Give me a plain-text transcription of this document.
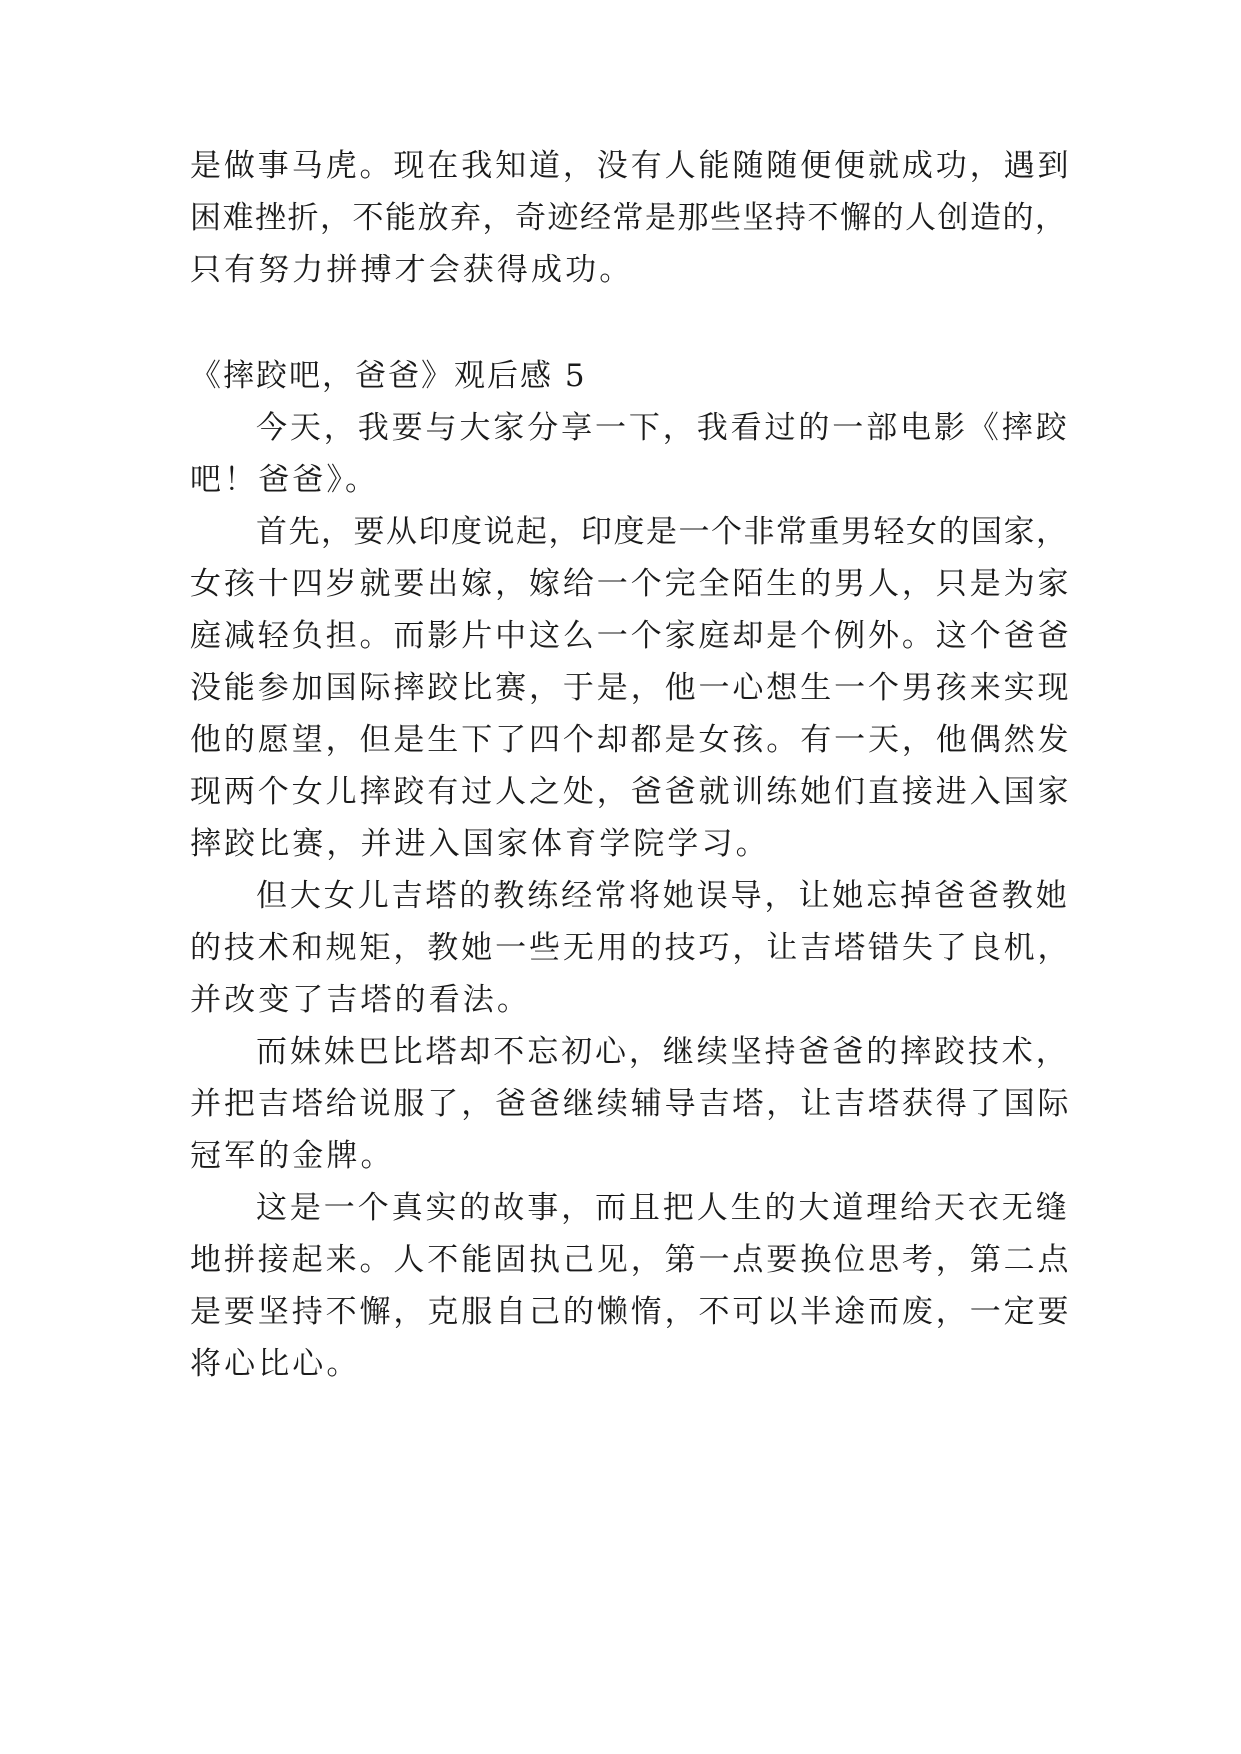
是做事马虎。现在我知道，没有人能随随便便就成功，遇到
困难挫折，不能放弃，奇迹经常是那些坚持不懈的人创造的，
只有努力拼搏才会获得成功。
《摔跤吧，爸爸》观后感 5
今天，我要与大家分享一下，我看过的一部电影《摔跤
吧！爸爸》。
首先，要从印度说起，印度是一个非常重男轻女的国家，
女孩十四岁就要出嫁，嫁给一个完全陌生的男人，只是为家
庭减轻负担。而影片中这么一个家庭却是个例外。这个爸爸
没能参加国际摔跤比赛，于是，他一心想生一个男孩来实现
他的愿望，但是生下了四个却都是女孩。有一天，他偶然发
现两个女儿摔跤有过人之处，爸爸就训练她们直接进入国家
摔跤比赛，并进入国家体育学院学习。
但大女儿吉塔的教练经常将她误导，让她忘掉爸爸教她
的技术和规矩，教她一些无用的技巧，让吉塔错失了良机，
并改变了吉塔的看法。
而妹妹巴比塔却不忘初心，继续坚持爸爸的摔跤技术，
并把吉塔给说服了，爸爸继续辅导吉塔，让吉塔获得了国际
冠军的金牌。
这是一个真实的故事，而且把人生的大道理给天衣无缝
地拼接起来。人不能固执己见，第一点要换位思考，第二点
是要坚持不懈，克服自己的懒惰，不可以半途而废，一定要
将心比心。
